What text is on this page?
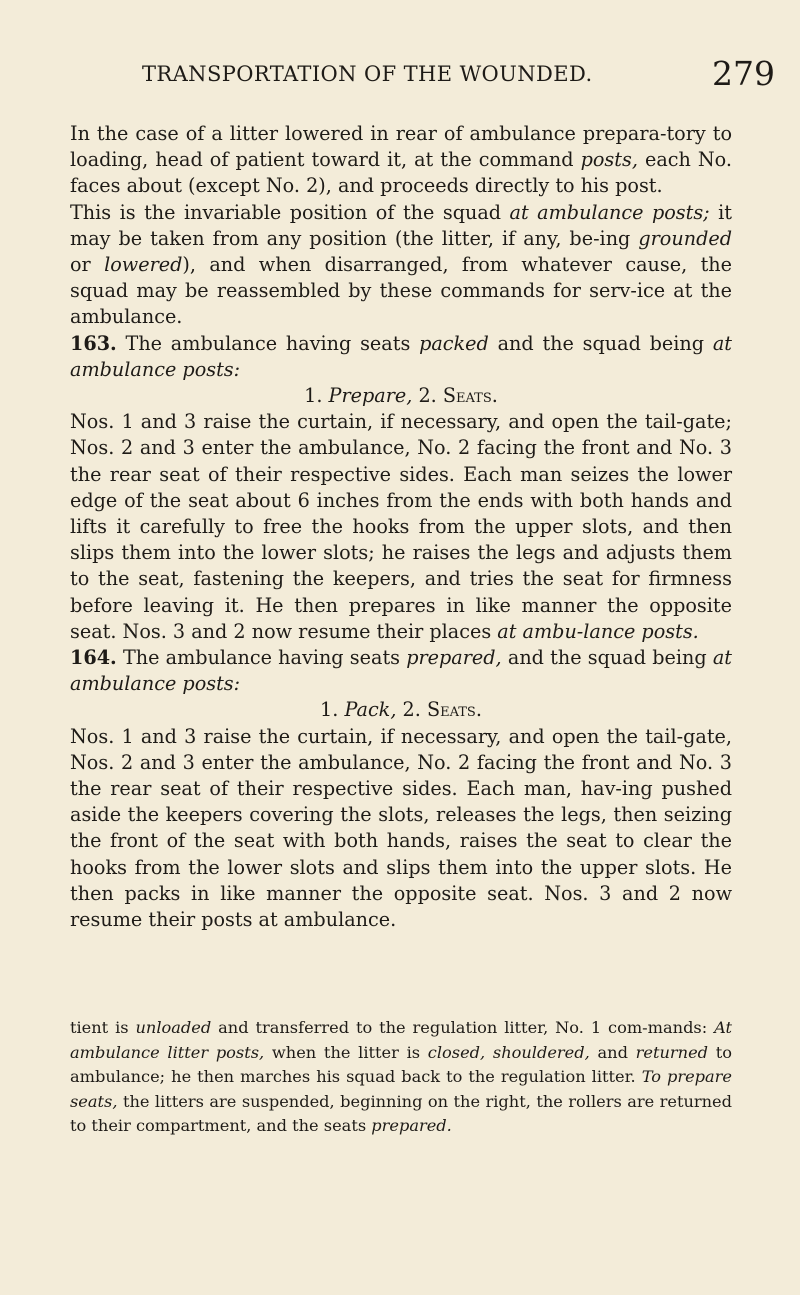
TRANSPORTATION OF THE WOUNDED.	279

In the case of a litter lowered in rear of ambulance prepara-tory to loading, head of patient toward it, at the command posts, each No. faces about (except No. 2), and proceeds directly to his post.

This is the invariable position of the squad at ambulance posts; it may be taken from any position (the litter, if any, be-ing grounded or lowered), and when disarranged, from whatever cause, the squad may be reassembled by these commands for serv-ice at the ambulance.

163. The ambulance having seats packed and the squad being at ambulance posts:

1. Prepare, 2. Seats.

Nos. 1 and 3 raise the curtain, if necessary, and open the tail-gate; Nos. 2 and 3 enter the ambulance, No. 2 facing the front and No. 3 the rear seat of their respective sides. Each man seizes the lower edge of the seat about 6 inches from the ends with both hands and lifts it carefully to free the hooks from the upper slots, and then slips them into the lower slots; he raises the legs and adjusts them to the seat, fastening the keepers, and tries the seat for firmness before leaving it. He then prepares in like manner the opposite seat. Nos. 3 and 2 now resume their places at ambu-lance posts.

164. The ambulance having seats prepared, and the squad being at ambulance posts:

1. Pack, 2. Seats.

Nos. 1 and 3 raise the curtain, if necessary, and open the tail-gate, Nos. 2 and 3 enter the ambulance, No. 2 facing the front and No. 3 the rear seat of their respective sides. Each man, hav-ing pushed aside the keepers covering the slots, releases the legs, then seizing the front of the seat with both hands, raises the seat to clear the hooks from the lower slots and slips them into the upper slots. He then packs in like manner the opposite seat. Nos. 3 and 2 now resume their posts at ambulance.

tient is unloaded and transferred to the regulation litter, No. 1 com-mands: At ambulance litter posts, when the litter is closed, shouldered, and returned to ambulance; he then marches his squad back to the regulation litter. To prepare seats, the litters are suspended, beginning on the right, the rollers are returned to their compartment, and the seats prepared.
